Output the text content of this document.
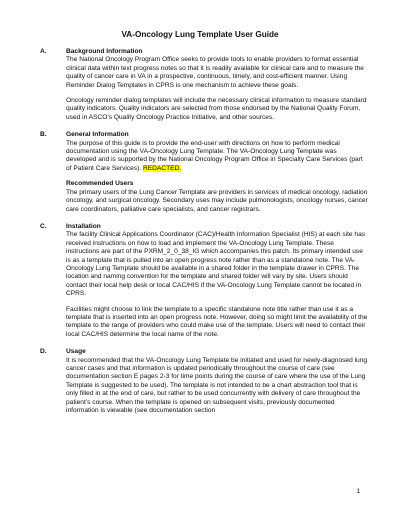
VA-Oncology Lung Template User Guide
A.	Background Information

The National Oncology Program Office seeks to provide tools to enable providers to format essential clinical data within text progress notes so that it is readily available for clinical care and to measure the quality of cancer care in VA in a prospective, continuous, timely, and cost-efficient manner. Using Reminder Dialog Templates in CPRS is one mechanism to achieve these goals.

Oncology reminder dialog templates will include the necessary clinical information to measure standard quality indicators. Quality indicators are selected from those endorsed by the National Quality Forum, used in ASCO’s Quality Oncology Practice Initiative, and other sources.

B.	General Information

The purpose of this guide is to provide the end-user with directions on how to perform medical documentation using the VA-Oncology Lung Template. The VA-Oncology Lung Template was developed and is supported by the National Oncology Program Office in Specialty Care Services (part of Patient Care Services). REDACTED.

Recommended Users

The primary users of the Lung Cancer Template are providers in services of medical oncology, radiation oncology, and surgical oncology. Secondary uses may include pulmonologists, oncology nurses, cancer care coordinators, palliative care specialists, and cancer registrars.

C.	Installation

The facility Clinical Applications Coordinator (CAC)/Health Information Specialist (HIS) at each site has received instructions on how to load and implement the VA-Oncology Lung Template. These instructions are part of the PXRM_2_0_38_IG which accompanies this patch. Its primary intended use is as a template that is pulled into an open progress note rather than as a standalone note. The VA-Oncology Lung Template should be available in a shared folder in the template drawer in CPRS. The location and naming convention for the template and shared folder will vary by site. Users should contact their local help desk or local CAC/HIS if the VA-Oncology Lung Template cannot be located in CPRS.

Facilities might choose to link the template to a specific standalone note title rather than use it as a template that is inserted into an open progress note. However, doing so might limit the availability of the template to the range of providers who could make use of the template. Users will need to contact their local CAC/HIS determine the local name of the note.

D.	Usage

It is recommended that the VA-Oncology Lung Template be initiated and used for newly-diagnosed lung cancer cases and that information is updated periodically throughout the course of care (see documentation section E pages 2-3 for time points during the course of care where the use of the Lung Template is suggested to be used). The template is not intended to be a chart abstraction tool that is only filled in at the end of care, but rather to be used concurrently with delivery of care throughout the patient’s course. When the template is opened on subsequent visits, previously documented information is viewable (see documentation section

1
